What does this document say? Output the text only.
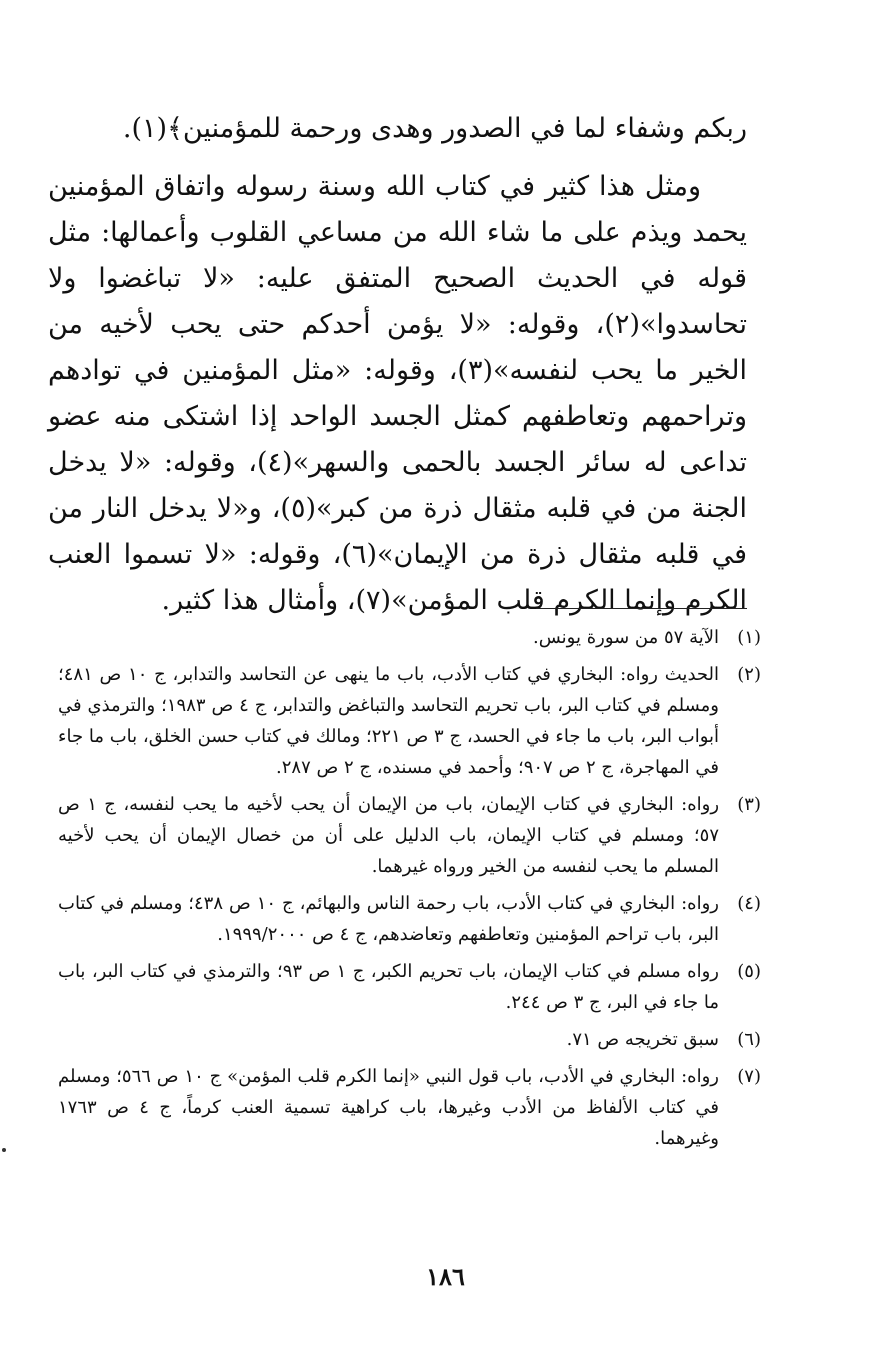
ربكم وشفاء لما في الصدور وهدى ورحمة للمؤمنين﴾(١).

ومثل هذا كثير في كتاب الله وسنة رسوله واتفاق المؤمنين يحمد ويذم على ما شاء الله من مساعي القلوب وأعمالها: مثل قوله في الحديث الصحيح المتفق عليه: «لا تباغضوا ولا تحاسدوا»(٢)، وقوله: «لا يؤمن أحدكم حتى يحب لأخيه من الخير ما يحب لنفسه»(٣)، وقوله: «مثل المؤمنين في توادهم وتراحمهم وتعاطفهم كمثل الجسد الواحد إذا اشتكى منه عضو تداعى له سائر الجسد بالحمى والسهر»(٤)، وقوله: «لا يدخل الجنة من في قلبه مثقال ذرة من كبر»(٥)، و«لا يدخل النار من في قلبه مثقال ذرة من الإيمان»(٦)، وقوله: «لا تسموا العنب الكرم وإنما الكرم قلب المؤمن»(٧)، وأمثال هذا كثير.

(١)
الآية ٥٧ من سورة يونس.
(٢)
الحديث رواه: البخاري في كتاب الأدب، باب ما ينهى عن التحاسد والتدابر، ج ١٠ ص ٤٨١؛ ومسلم في كتاب البر، باب تحريم التحاسد والتباغض والتدابر، ج ٤ ص ١٩٨٣؛ والترمذي في أبواب البر، باب ما جاء في الحسد، ج ٣ ص ٢٢١؛ ومالك في كتاب حسن الخلق، باب ما جاء في المهاجرة، ج ٢ ص ٩٠٧؛ وأحمد في مسنده، ج ٢ ص ٢٨٧.
(٣)
رواه: البخاري في كتاب الإيمان، باب من الإيمان أن يحب لأخيه ما يحب لنفسه، ج ١ ص ٥٧؛ ومسلم في كتاب الإيمان، باب الدليل على أن من خصال الإيمان أن يحب لأخيه المسلم ما يحب لنفسه من الخير ورواه غيرهما.
(٤)
رواه: البخاري في كتاب الأدب، باب رحمة الناس والبهائم، ج ١٠ ص ٤٣٨؛ ومسلم في كتاب البر، باب تراحم المؤمنين وتعاطفهم وتعاضدهم، ج ٤ ص ١٩٩٩/٢٠٠٠.
(٥)
رواه مسلم في كتاب الإيمان، باب تحريم الكبر، ج ١ ص ٩٣؛ والترمذي في كتاب البر، باب ما جاء في البر، ج ٣ ص ٢٤٤.
(٦)
سبق تخريجه ص ٧١.
(٧)
رواه: البخاري في الأدب، باب قول النبي «إنما الكرم قلب المؤمن» ج ١٠ ص ٥٦٦؛ ومسلم في كتاب الألفاظ من الأدب وغيرها، باب كراهية تسمية العنب كرماً، ج ٤ ص ١٧٦٣ وغيرهما.
١٨٦
